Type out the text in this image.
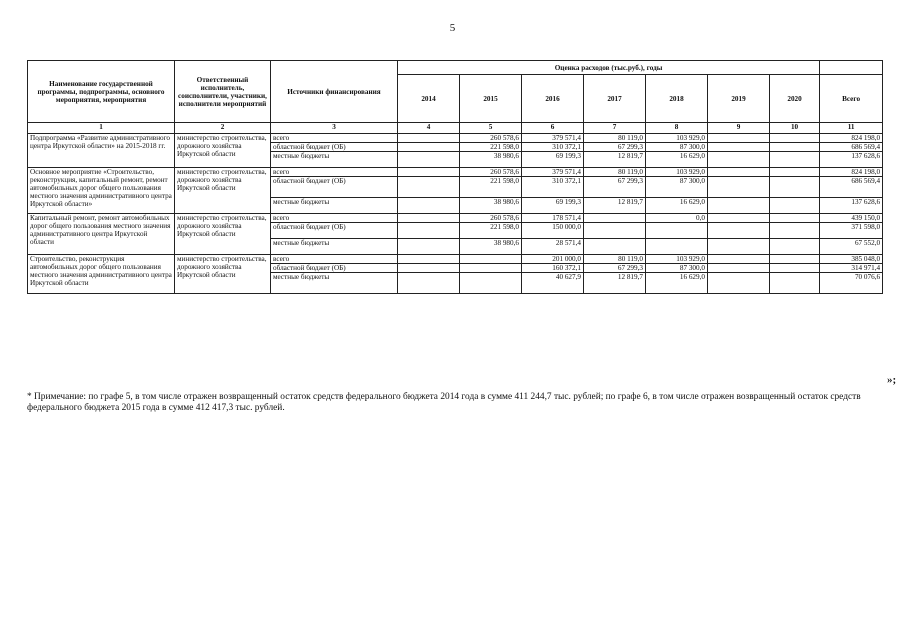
5
Наименование государственной программы, подпрограммы, основного мероприятия, мероприятия	Ответственный исполнитель, соисполнители, участники, исполнители мероприятий	Источники финансирования	Оценка расходов (тыс.руб.), годы							
			2014	2015	2016	2017	2018	2019	2020	Всего
1	2	3	4	5	6	7	8	9	10	11
Подпрограмма «Развитие административного центра Иркутской области» на 2015-2018 гг.	министерство строительства, дорожного хозяйства Иркутской области	всего		260 578,6	379 571,4	80 119,0	103 929,0			824 198,0
		областной бюджет (ОБ)		221 598,0	310 372,1	67 299,3	87 300,0			686 569,4
		местные бюджеты		38 980,6	69 199,3	12 819,7	16 629,0			137 628,6
Основное мероприятие «Строительство, реконструкция, капитальный ремонт, ремонт автомобильных дорог общего пользования местного значения административного центра Иркутской области»	министерство строительства, дорожного хозяйства Иркутской области	всего		260 578,6	379 571,4	80 119,0	103 929,0			824 198,0
		областной бюджет (ОБ)		221 598,0	310 372,1	67 299,3	87 300,0			686 569,4
		местные бюджеты		38 980,6	69 199,3	12 819,7	16 629,0			137 628,6
Капитальный ремонт, ремонт автомобильных дорог общего пользования местного значения административного центра Иркутской области	министерство строительства, дорожного хозяйства Иркутской области	всего		260 578,6	178 571,4		0,0			439 150,0
		областной бюджет (ОБ)		221 598,0	150 000,0					371 598,0
		местные бюджеты		38 980,6	28 571,4					67 552,0
Строительство, реконструкция автомобильных дорог общего пользования местного значения административного центра Иркутской области	министерство строительства, дорожного хозяйства Иркутской области	всего			201 000,0	80 119,0	103 929,0			385 048,0
		областной бюджет (ОБ)			160 372,1	67 299,3	87 300,0			314 971,4
		местные бюджеты			40 627,9	12 819,7	16 629,0			70 076,6
»;
* Примечание: по графе 5, в том числе отражен возвращенный остаток средств федерального бюджета 2014 года в сумме 411 244,7 тыс. рублей; по графе 6, в том числе отражен возвращенный остаток средств федерального бюджета 2015 года в сумме 412 417,3 тыс. рублей.
